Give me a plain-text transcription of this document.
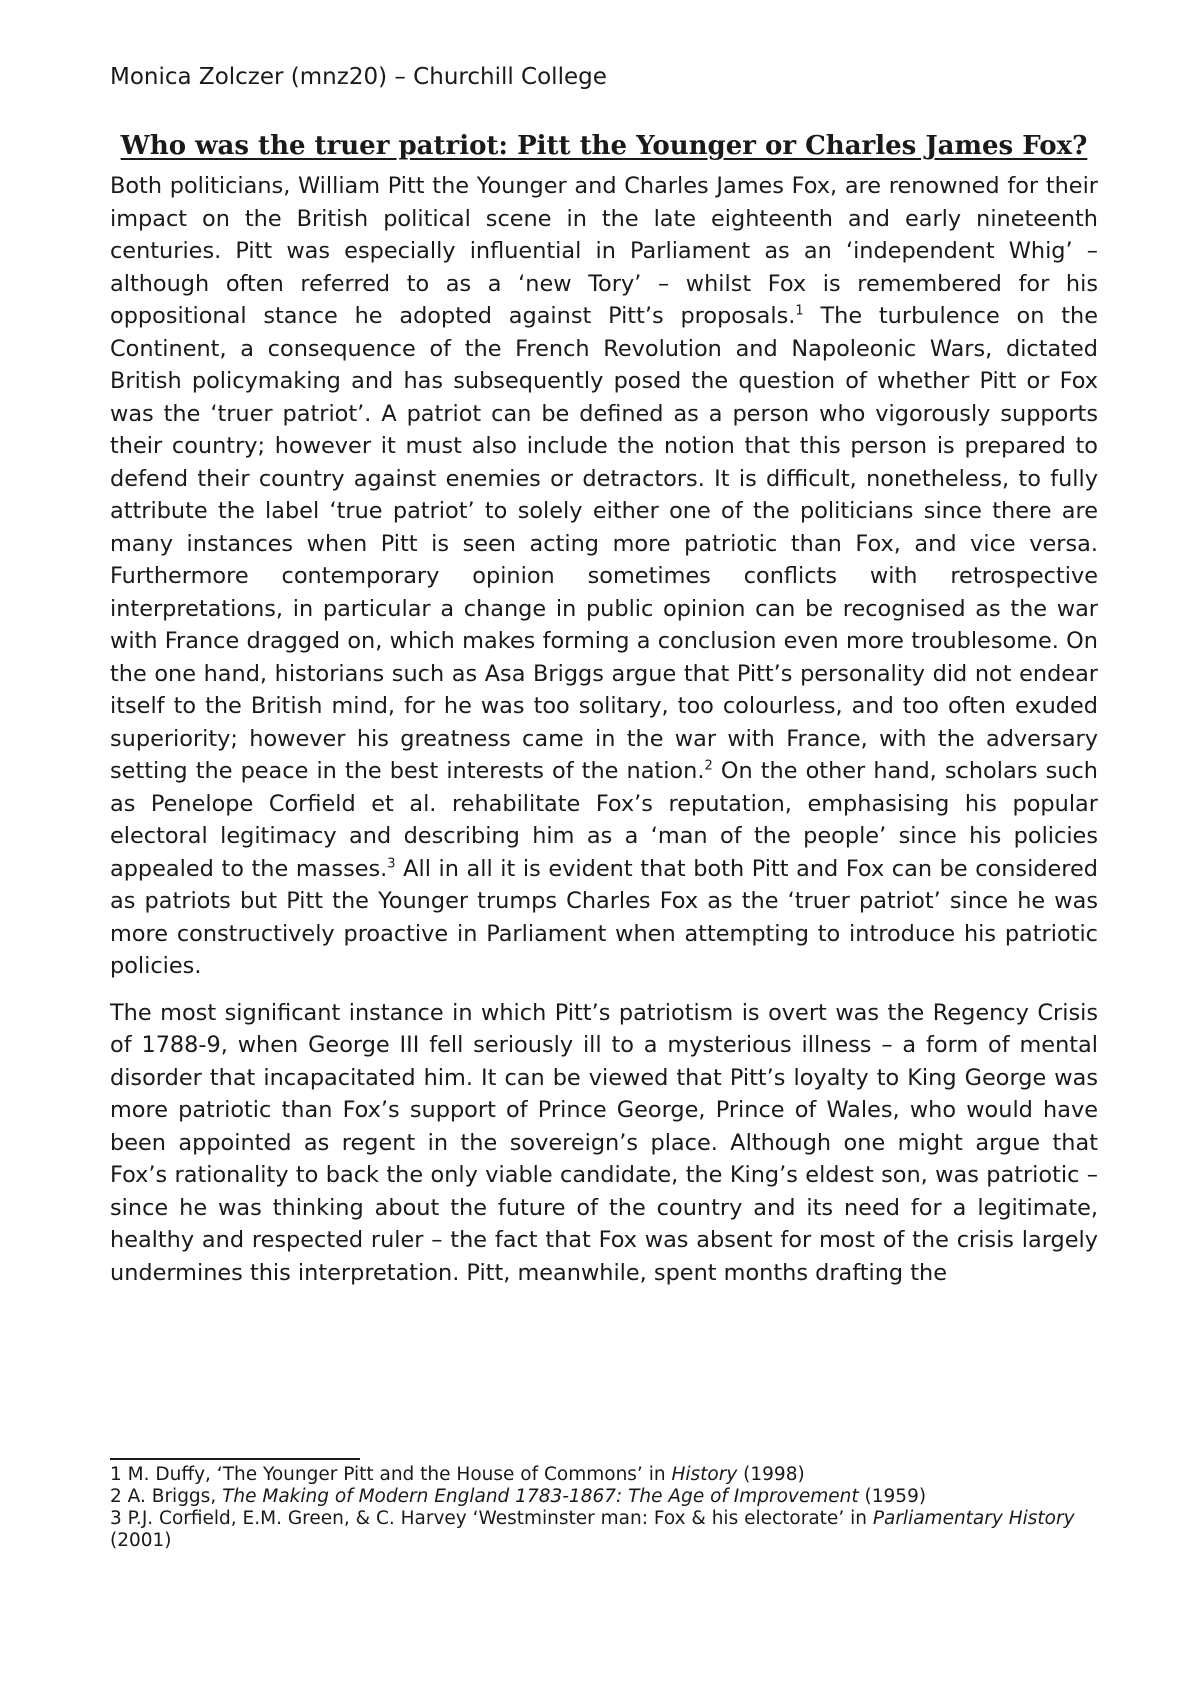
Monica Zolczer (mnz20) – Churchill College

Who was the truer patriot: Pitt the Younger or Charles James Fox?

Both politicians, William Pitt the Younger and Charles James Fox, are renowned for their impact on the British political scene in the late eighteenth and early nineteenth centuries. Pitt was especially influential in Parliament as an ‘independent Whig’ – although often referred to as a ‘new Tory’ – whilst Fox is remembered for his oppositional stance he adopted against Pitt’s proposals.$^1$ The turbulence on the Continent, a consequence of the French Revolution and Napoleonic Wars, dictated British policymaking and has subsequently posed the question of whether Pitt or Fox was the ‘truer patriot’. A patriot can be defined as a person who vigorously supports their country; however it must also include the notion that this person is prepared to defend their country against enemies or detractors. It is difficult, nonetheless, to fully attribute the label ‘true patriot’ to solely either one of the politicians since there are many instances when Pitt is seen acting more patriotic than Fox, and vice versa. Furthermore contemporary opinion sometimes conflicts with retrospective interpretations, in particular a change in public opinion can be recognised as the war with France dragged on, which makes forming a conclusion even more troublesome. On the one hand, historians such as Asa Briggs argue that Pitt’s personality did not endear itself to the British mind, for he was too solitary, too colourless, and too often exuded superiority; however his greatness came in the war with France, with the adversary setting the peace in the best interests of the nation.$^2$ On the other hand, scholars such as Penelope Corfield et al. rehabilitate Fox’s reputation, emphasising his popular electoral legitimacy and describing him as a ‘man of the people’ since his policies appealed to the masses.$^3$ All in all it is evident that both Pitt and Fox can be considered as patriots but Pitt the Younger trumps Charles Fox as the ‘truer patriot’ since he was more constructively proactive in Parliament when attempting to introduce his patriotic policies.

The most significant instance in which Pitt’s patriotism is overt was the Regency Crisis of 1788-9, when George III fell seriously ill to a mysterious illness – a form of mental disorder that incapacitated him. It can be viewed that Pitt’s loyalty to King George was more patriotic than Fox’s support of Prince George, Prince of Wales, who would have been appointed as regent in the sovereign’s place. Although one might argue that Fox’s rationality to back the only viable candidate, the King’s eldest son, was patriotic – since he was thinking about the future of the country and its need for a legitimate, healthy and respected ruler – the fact that Fox was absent for most of the crisis largely undermines this interpretation. Pitt, meanwhile, spent months drafting the

1 M. Duffy, ‘The Younger Pitt and the House of Commons’ in History (1998)

2 A. Briggs, The Making of Modern England 1783-1867: The Age of Improvement (1959)

3 P.J. Corfield, E.M. Green, & C. Harvey ‘Westminster man: Fox & his electorate’ in Parliamentary History (2001)
